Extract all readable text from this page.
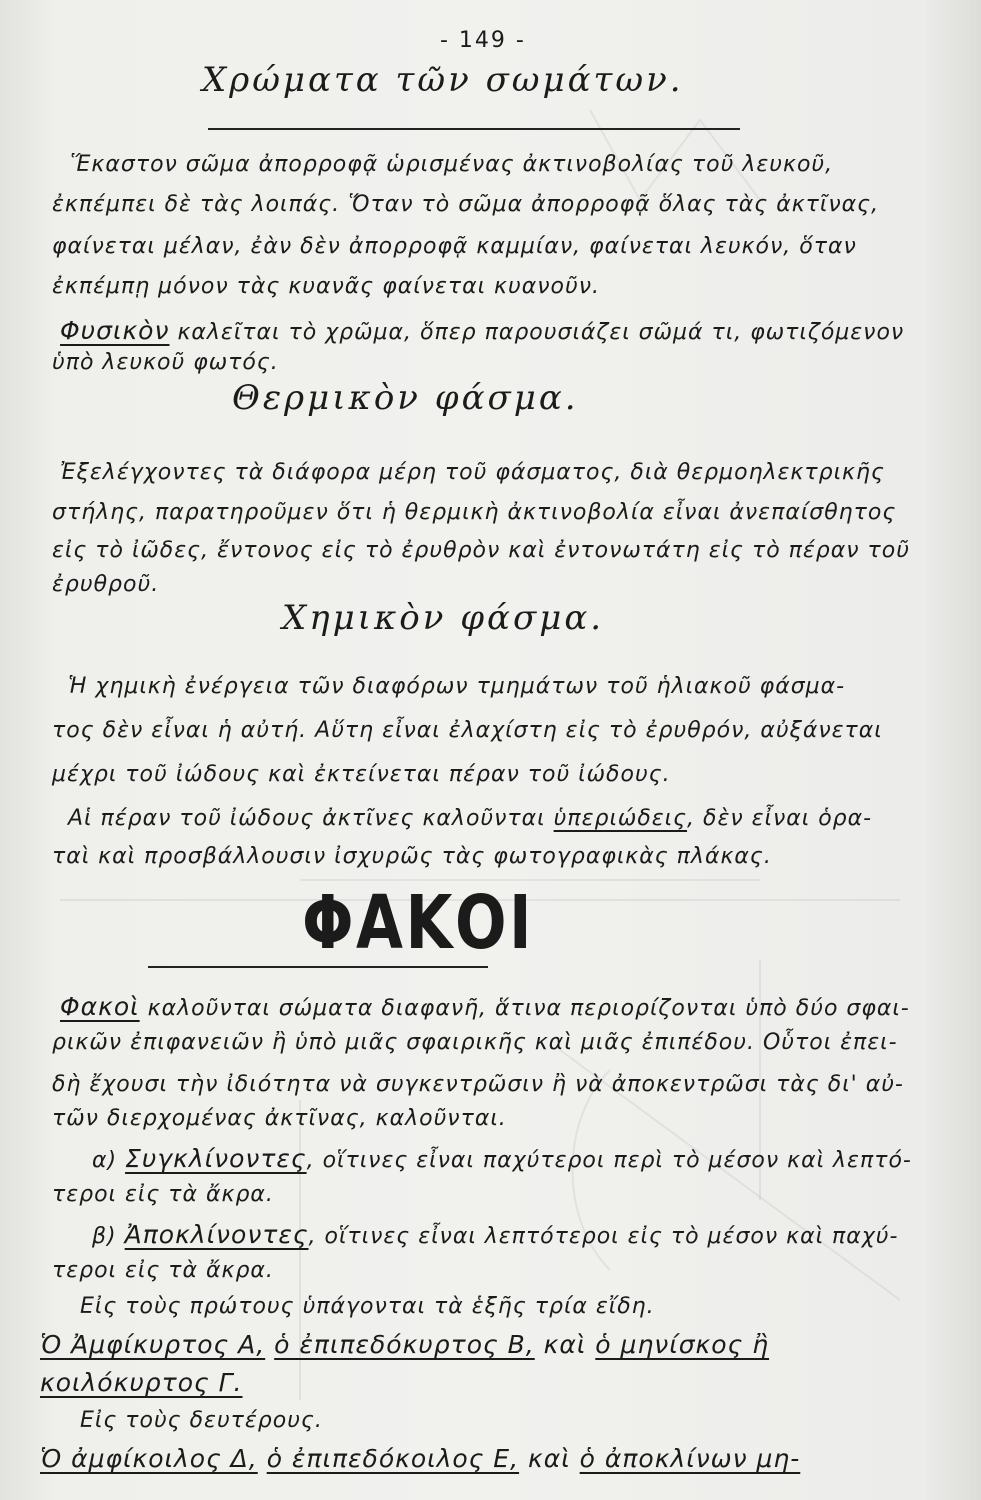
- 149 -
Χρώματα τῶν σωμάτων.
Ἕκαστον σῶμα ἀπορροφᾷ ὡρισμένας ἀκτινοβολίας τοῦ λευκοῦ,
ἐκπέμπει δὲ τὰς λοιπάς. Ὅταν τὸ σῶμα ἀπορροφᾷ ὅλας τὰς ἀκτῖνας,
φαίνεται μέλαν, ἐὰν δὲν ἀπορροφᾷ καμμίαν, φαίνεται λευκόν, ὅταν
ἐκπέμπῃ μόνον τὰς κυανᾶς φαίνεται κυανοῦν.
Φυσικὸν καλεῖται τὸ χρῶμα, ὅπερ παρουσιάζει σῶμά τι, φωτιζόμενον
ὑπὸ λευκοῦ φωτός.
Θερμικὸν φάσμα.
Ἐξελέγχοντες τὰ διάφορα μέρη τοῦ φάσματος, διὰ θερμοηλεκτρικῆς
στήλης, παρατηροῦμεν ὅτι ἡ θερμικὴ ἀκτινοβολία εἶναι ἀνεπαίσθητος
εἰς τὸ ἰῶδες, ἔντονος εἰς τὸ ἐρυθρὸν καὶ ἐντονωτάτη εἰς τὸ πέραν τοῦ
ἐρυθροῦ.
Χημικὸν φάσμα.
Ἡ χημικὴ ἐνέργεια τῶν διαφόρων τμημάτων τοῦ ἡλιακοῦ φάσμα-
τος δὲν εἶναι ἡ αὐτή. Αὕτη εἶναι ἐλαχίστη εἰς τὸ ἐρυθρόν, αὐξάνεται
μέχρι τοῦ ἰώδους καὶ ἐκτείνεται πέραν τοῦ ἰώδους.
Αἱ πέραν τοῦ ἰώδους ἀκτῖνες καλοῦνται ὑπεριώδεις, δὲν εἶναι ὁρα-
ταὶ καὶ προσβάλλουσιν ἰσχυρῶς τὰς φωτογραφικὰς πλάκας.
ΦΑΚΟΙ
Φακοὶ καλοῦνται σώματα διαφανῆ, ἅτινα περιορίζονται ὑπὸ δύο σφαι-
ρικῶν ἐπιφανειῶν ἢ ὑπὸ μιᾶς σφαιρικῆς καὶ μιᾶς ἐπιπέδου. Οὗτοι ἐπει-
δὴ ἔχουσι τὴν ἰδιότητα νὰ συγκεντρῶσιν ἢ νὰ ἀποκεντρῶσι τὰς δι' αὐ-
τῶν διερχομένας ἀκτῖνας, καλοῦνται.
α) Συγκλίνοντες, οἵτινες εἶναι παχύτεροι περὶ τὸ μέσον καὶ λεπτό-
τεροι εἰς τὰ ἄκρα.
β) Ἀποκλίνοντες, οἵτινες εἶναι λεπτότεροι εἰς τὸ μέσον καὶ παχύ-
τεροι εἰς τὰ ἄκρα.
Εἰς τοὺς πρώτους ὑπάγονται τὰ ἑξῆς τρία εἴδη.
Ὁ Ἀμφίκυρτος Α, ὁ ἐπιπεδόκυρτος Β, καὶ ὁ μηνίσκος ἢ
κοιλόκυρτος Γ.
Εἰς τοὺς δευτέρους.
Ὁ ἀμφίκοιλος Δ, ὁ ἐπιπεδόκοιλος Ε, καὶ ὁ ἀποκλίνων μη-
